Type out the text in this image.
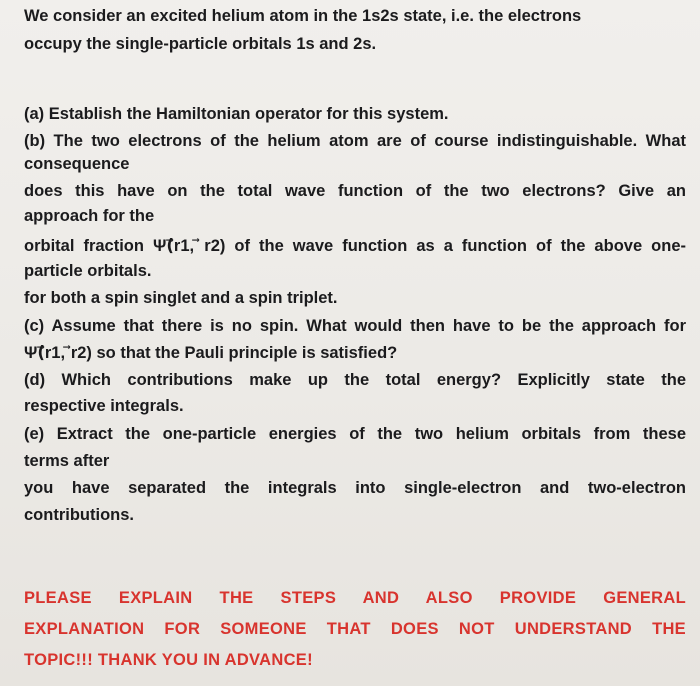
We consider an excited helium atom in the 1s2s state, i.e. the electrons
occupy the single-particle orbitals 1s and 2s.
(a) Establish the Hamiltonian operator for this system.
(b) The two electrons of the helium atom are of course indistinguishable. What
consequence
does this have on the total wave function of the two electrons? Give an
approach for the
orbital fraction Ψ(⃗r1, ⃗r2) of the wave function as a function of the above one-
particle orbitals.
for both a spin singlet and a spin triplet.
(c) Assume that there is no spin. What would then have to be the approach for
Ψ(⃗r1, ⃗r2) so that the Pauli principle is satisfied?
(d) Which contributions make up the total energy? Explicitly state the
respective integrals.
(e) Extract the one-particle energies of the two helium orbitals from these
terms after
you have separated the integrals into single-electron and two-electron
contributions.
PLEASE EXPLAIN THE STEPS AND ALSO PROVIDE GENERAL
EXPLANATION FOR SOMEONE THAT DOES NOT UNDERSTAND THE
TOPIC!!! THANK YOU IN ADVANCE!
